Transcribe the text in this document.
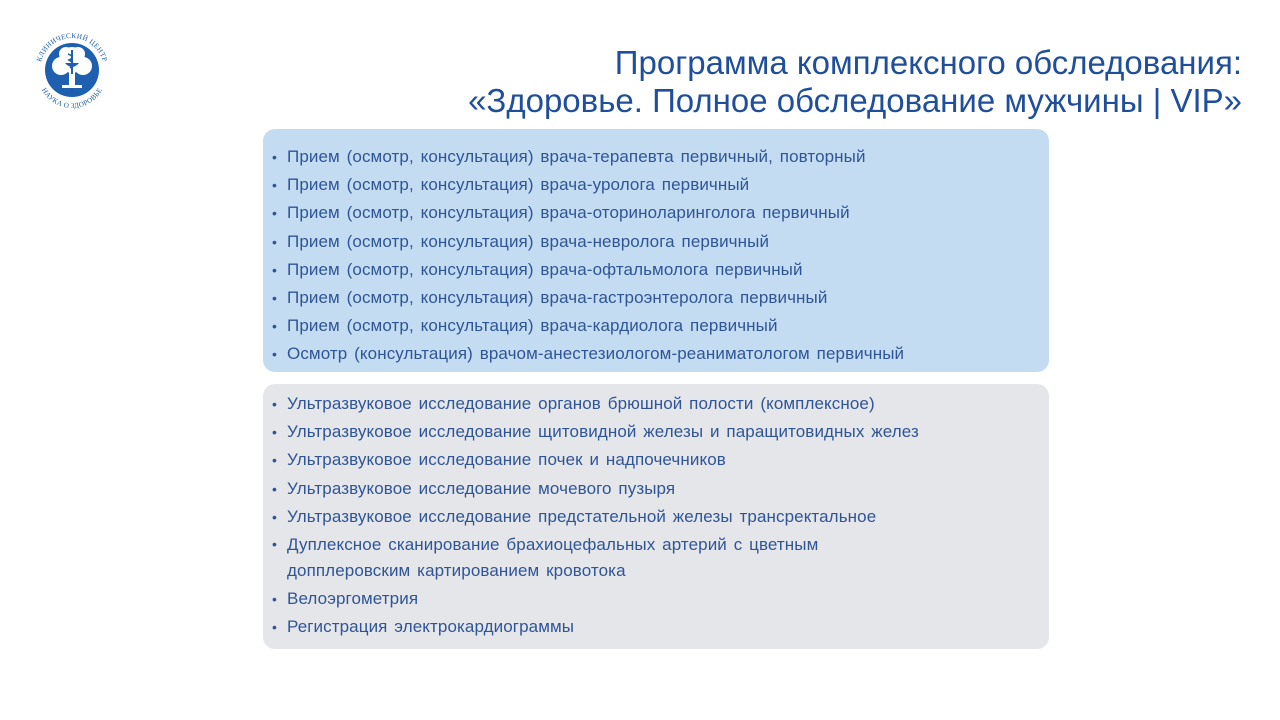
КЛИНИЧЕСКИЙ ЦЕНТР
НАУКА О ЗДОРОВЬЕ
Программа комплексного обследования:
«Здоровье. Полное обследование мужчины | VIP»
• Прием (осмотр, консультация) врача-терапевта первичный, повторный
• Прием (осмотр, консультация) врача-уролога первичный
• Прием (осмотр, консультация) врача-оториноларинголога первичный
• Прием (осмотр, консультация) врача-невролога первичный
• Прием (осмотр, консультация) врача-офтальмолога первичный
• Прием (осмотр, консультация) врача-гастроэнтеролога первичный
• Прием (осмотр, консультация) врача-кардиолога первичный
• Осмотр (консультация) врачом-анестезиологом-реаниматологом первичный
• Ультразвуковое исследование органов брюшной полости (комплексное)
• Ультразвуковое исследование щитовидной железы и паращитовидных желез
• Ультразвуковое исследование почек и надпочечников
• Ультразвуковое исследование мочевого пузыря
• Ультразвуковое исследование предстательной железы трансректальное
• Дуплексное сканирование брахиоцефальных артерий с цветным допплеровским картированием кровотока
• Велоэргометрия
• Регистрация электрокардиограммы
